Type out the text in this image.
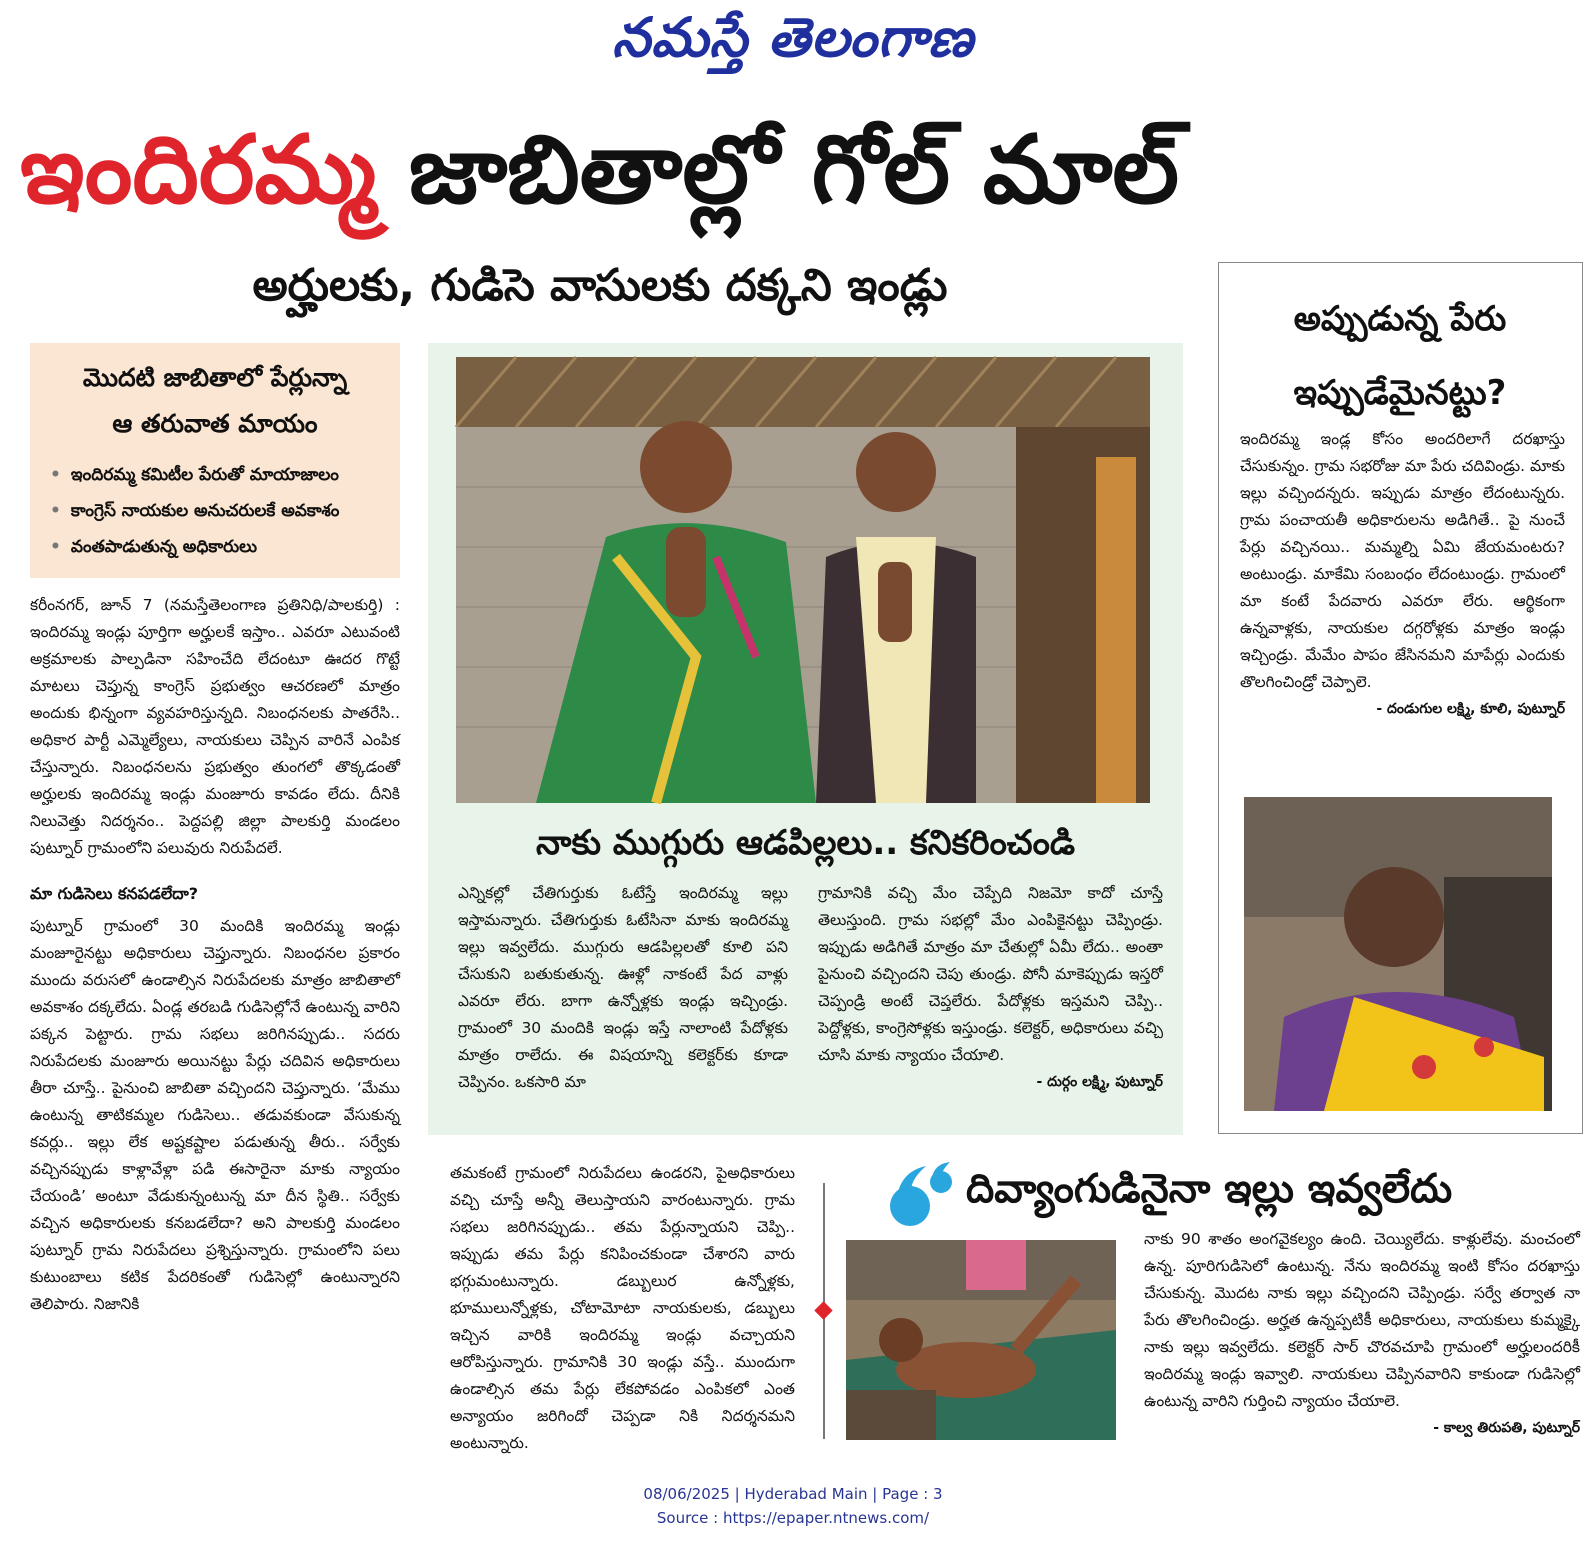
నమస్తే తెలంగాణ
ఇందిరమ్మ జాబితాల్లో గోల్ మాల్
అర్హులకు, గుడిసె వాసులకు దక్కని ఇండ్లు
మొదటి జాబితాలో పేర్లున్నా
ఆ తరువాత మాయం
• ఇందిరమ్మ కమిటీల పేరుతో మాయాజాలం
• కాంగ్రెస్ నాయకుల అనుచరులకే అవకాశం
• వంతపాడుతున్న అధికారులు

కరీంనగర్, జూన్ 7 (నమస్తేతెలంగాణ ప్రతినిధి/పాలకుర్తి) : ఇందిరమ్మ ఇండ్లు పూర్తిగా అర్హులకే ఇస్తాం.. ఎవరూ ఎటువంటి అక్రమాలకు పాల్పడినా సహించేది లేదంటూ ఊదర గొట్టే మాటలు చెప్తున్న కాంగ్రెస్ ప్రభుత్వం ఆచరణలో మాత్రం అందుకు భిన్నంగా వ్యవహరిస్తున్నది. నిబంధనలకు పాతరేసి.. అధికార పార్టీ ఎమ్మెల్యేలు, నాయకులు చెప్పిన వారినే ఎంపిక చేస్తున్నారు. నిబంధనలను ప్రభుత్వం తుంగలో తొక్కడంతో అర్హులకు ఇందిరమ్మ ఇండ్లు మంజూరు కావడం లేదు. దీనికి నిలువెత్తు నిదర్శనం.. పెద్దపల్లి జిల్లా పాలకుర్తి మండలం పుట్నూర్ గ్రామంలోని పలువురు నిరుపేదలే.

మా గుడిసెలు కనపడలేదా?

పుట్నూర్ గ్రామంలో 30 మందికి ఇందిరమ్మ ఇండ్లు మంజూరైనట్టు అధికారులు చెప్తున్నారు. నిబంధనల ప్రకారం ముందు వరుసలో ఉండాల్సిన నిరుపేదలకు మాత్రం జాబితాలో అవకాశం దక్కలేదు. ఏండ్ల తరబడి గుడిసెల్లోనే ఉంటున్న వారిని పక్కన పెట్టారు. గ్రామ సభలు జరిగినప్పుడు.. సదరు నిరుపేదలకు మంజూరు అయినట్టు పేర్లు చదివిన అధికారులు తీరా చూస్తే.. పైనుంచి జాబితా వచ్చిందని చెప్తున్నారు. ‘మేము ఉంటున్న తాటికమ్మల గుడిసెలు.. తడువకుండా వేసుకున్న కవర్లు.. ఇల్లు లేక అష్టకష్టాల పడుతున్న తీరు.. సర్వేకు వచ్చినప్పుడు కాళ్లావేళ్లా పడి ఈసారైనా మాకు న్యాయం చేయండి’ అంటూ వేడుకున్నంటున్న మా దీన స్థితి.. సర్వేకు వచ్చిన అధికారులకు కనబడలేదా? అని పాలకుర్తి మండలం పుట్నూర్ గ్రామ నిరుపేదలు ప్రశ్నిస్తున్నారు. గ్రామంలోని పలు కుటుంబాలు కటిక పేదరికంతో గుడిసెల్లో ఉంటున్నారని తెలిపారు. నిజానికి

నాకు ముగ్గురు ఆడపిల్లలు.. కనికరించండి

ఎన్నికల్లో చేతిగుర్తుకు ఓటేస్తే ఇందిరమ్మ ఇల్లు ఇస్తామన్నారు. చేతిగుర్తుకు ఓటేసినా మాకు ఇందిరమ్మ ఇల్లు ఇవ్వలేదు. ముగ్గురు ఆడపిల్లలతో కూలి పని చేసుకుని బతుకుతున్న. ఊళ్లో నాకంటే పేద వాళ్లు ఎవరూ లేరు. బాగా ఉన్నోళ్లకు ఇండ్లు ఇచ్చిండ్రు. గ్రామంలో 30 మందికి ఇండ్లు ఇస్తే నాలాంటి పేదోళ్లకు మాత్రం రాలేదు. ఈ విషయాన్ని కలెక్టర్‌కు కూడా చెప్పినం. ఒకసారి మా

గ్రామానికి వచ్చి మేం చెప్పేది నిజమో కాదో చూస్తే తెలుస్తుంది. గ్రామ సభల్లో మేం ఎంపికైనట్టు చెప్పిండ్రు. ఇప్పుడు అడిగితే మాత్రం మా చేతుల్లో ఏమీ లేదు.. అంతా పైనుంచి వచ్చిందని చెపు తుండ్రు. పోనీ మాకెప్పుడు ఇస్తరో చెప్పండ్రి అంటే చెప్తలేరు. పేదోళ్లకు ఇస్తమని చెప్పి.. పెద్దోళ్లకు, కాంగ్రెసోళ్లకు ఇస్తుండ్రు. కలెక్టర్, అధికారులు వచ్చి చూసి మాకు న్యాయం చేయాలి.

- దుర్గం లక్ష్మి, పుట్నూర్

తమకంటే గ్రామంలో నిరుపేదలు ఉండరని, పైఅధికారులు వచ్చి చూస్తే అన్నీ తెలుస్తాయని వారంటున్నారు. గ్రామ సభలు జరిగినప్పుడు.. తమ పేర్లున్నాయని చెప్పి.. ఇప్పుడు తమ పేర్లు కనిపించకుండా చేశారని వారు భగ్గుమంటున్నారు. డబ్బులుర ఉన్నోళ్లకు, భూములున్నోళ్లకు, చోటామోటా నాయకులకు, డబ్బులు ఇచ్చిన వారికి ఇందిరమ్మ ఇండ్లు వచ్చాయని ఆరోపిస్తున్నారు. గ్రామానికి 30 ఇండ్లు వస్తే.. ముందుగా ఉండాల్సిన తమ పేర్లు లేకపోవడం ఎంపికలో ఎంత అన్యాయం జరిగిందో చెప్పడా నికి నిదర్శనమని అంటున్నారు.

అప్పుడున్న పేరు
ఇప్పుడేమైనట్టు?

ఇందిరమ్మ ఇండ్ల కోసం అందరిలాగే దరఖాస్తు చేసుకున్నం. గ్రామ సభరోజు మా పేరు చదివిండ్రు. మాకు ఇల్లు వచ్చిందన్నరు. ఇప్పుడు మాత్రం లేదంటున్నరు. గ్రామ పంచాయతీ అధికారులను అడిగితే.. పై నుంచే పేర్లు వచ్చినయి.. మమ్మల్ని ఏమి జేయమంటరు? అంటుండ్రు. మాకేమి సంబంధం లేదంటుండ్రు. గ్రామంలో మా కంటే పేదవారు ఎవరూ లేరు. ఆర్థికంగా ఉన్నవాళ్లకు, నాయకుల దగ్గరోళ్లకు మాత్రం ఇండ్లు ఇచ్చిండ్రు. మేమేం పాపం జేసినమని మాపేర్లు ఎందుకు తొలగించిండ్రో చెప్పాలె.

- దండుగుల లక్ష్మి, కూలి, పుట్నూర్
దివ్యాంగుడినైనా ఇల్లు ఇవ్వలేదు

నాకు 90 శాతం అంగవైకల్యం ఉంది. చెయ్యిలేదు. కాళ్లులేవు. మంచంలో ఉన్న. పూరిగుడిసెలో ఉంటున్న. నేను ఇందిరమ్మ ఇంటి కోసం దరఖాస్తు చేసుకున్న. మొదట నాకు ఇల్లు వచ్చిందని చెప్పిండ్రు. సర్వే తర్వాత నా పేరు తొలగించిండ్రు. అర్హత ఉన్నప్పటికీ అధికారులు, నాయకులు కుమ్మక్కై నాకు ఇల్లు ఇవ్వలేదు. కలెక్టర్ సార్ చొరవచూపి గ్రామంలో అర్హులందరికీ ఇందిరమ్మ ఇండ్లు ఇవ్వాలి. నాయకులు చెప్పినవారిని కాకుండా గుడిసెల్లో ఉంటున్న వారిని గుర్తించి న్యాయం చేయాలె.

- కాల్వ తిరుపతి, పుట్నూర్
08/06/2025 | Hyderabad Main | Page : 3
Source : https://epaper.ntnews.com/
